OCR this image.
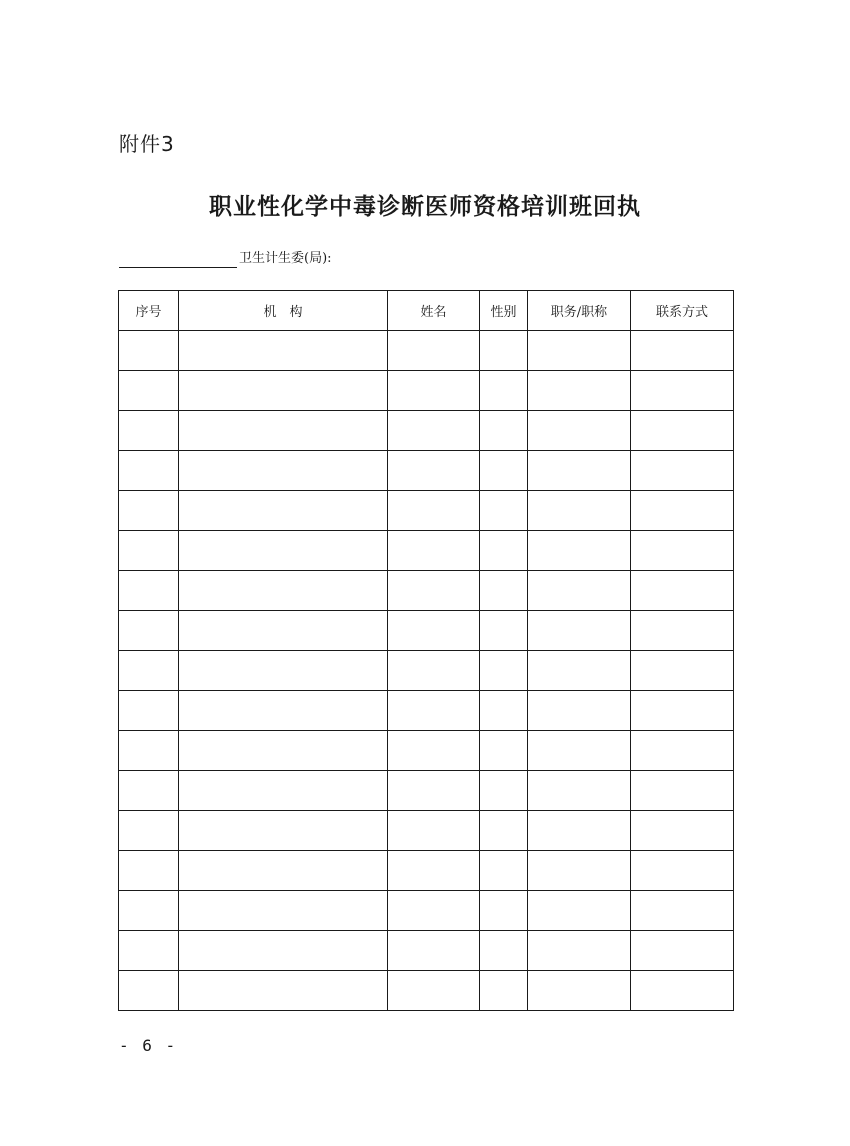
附件3
职业性化学中毒诊断医师资格培训班回执
卫生计生委(局):
序号	机　构	姓名	性别	职务/职称	联系方式

- 6 -
